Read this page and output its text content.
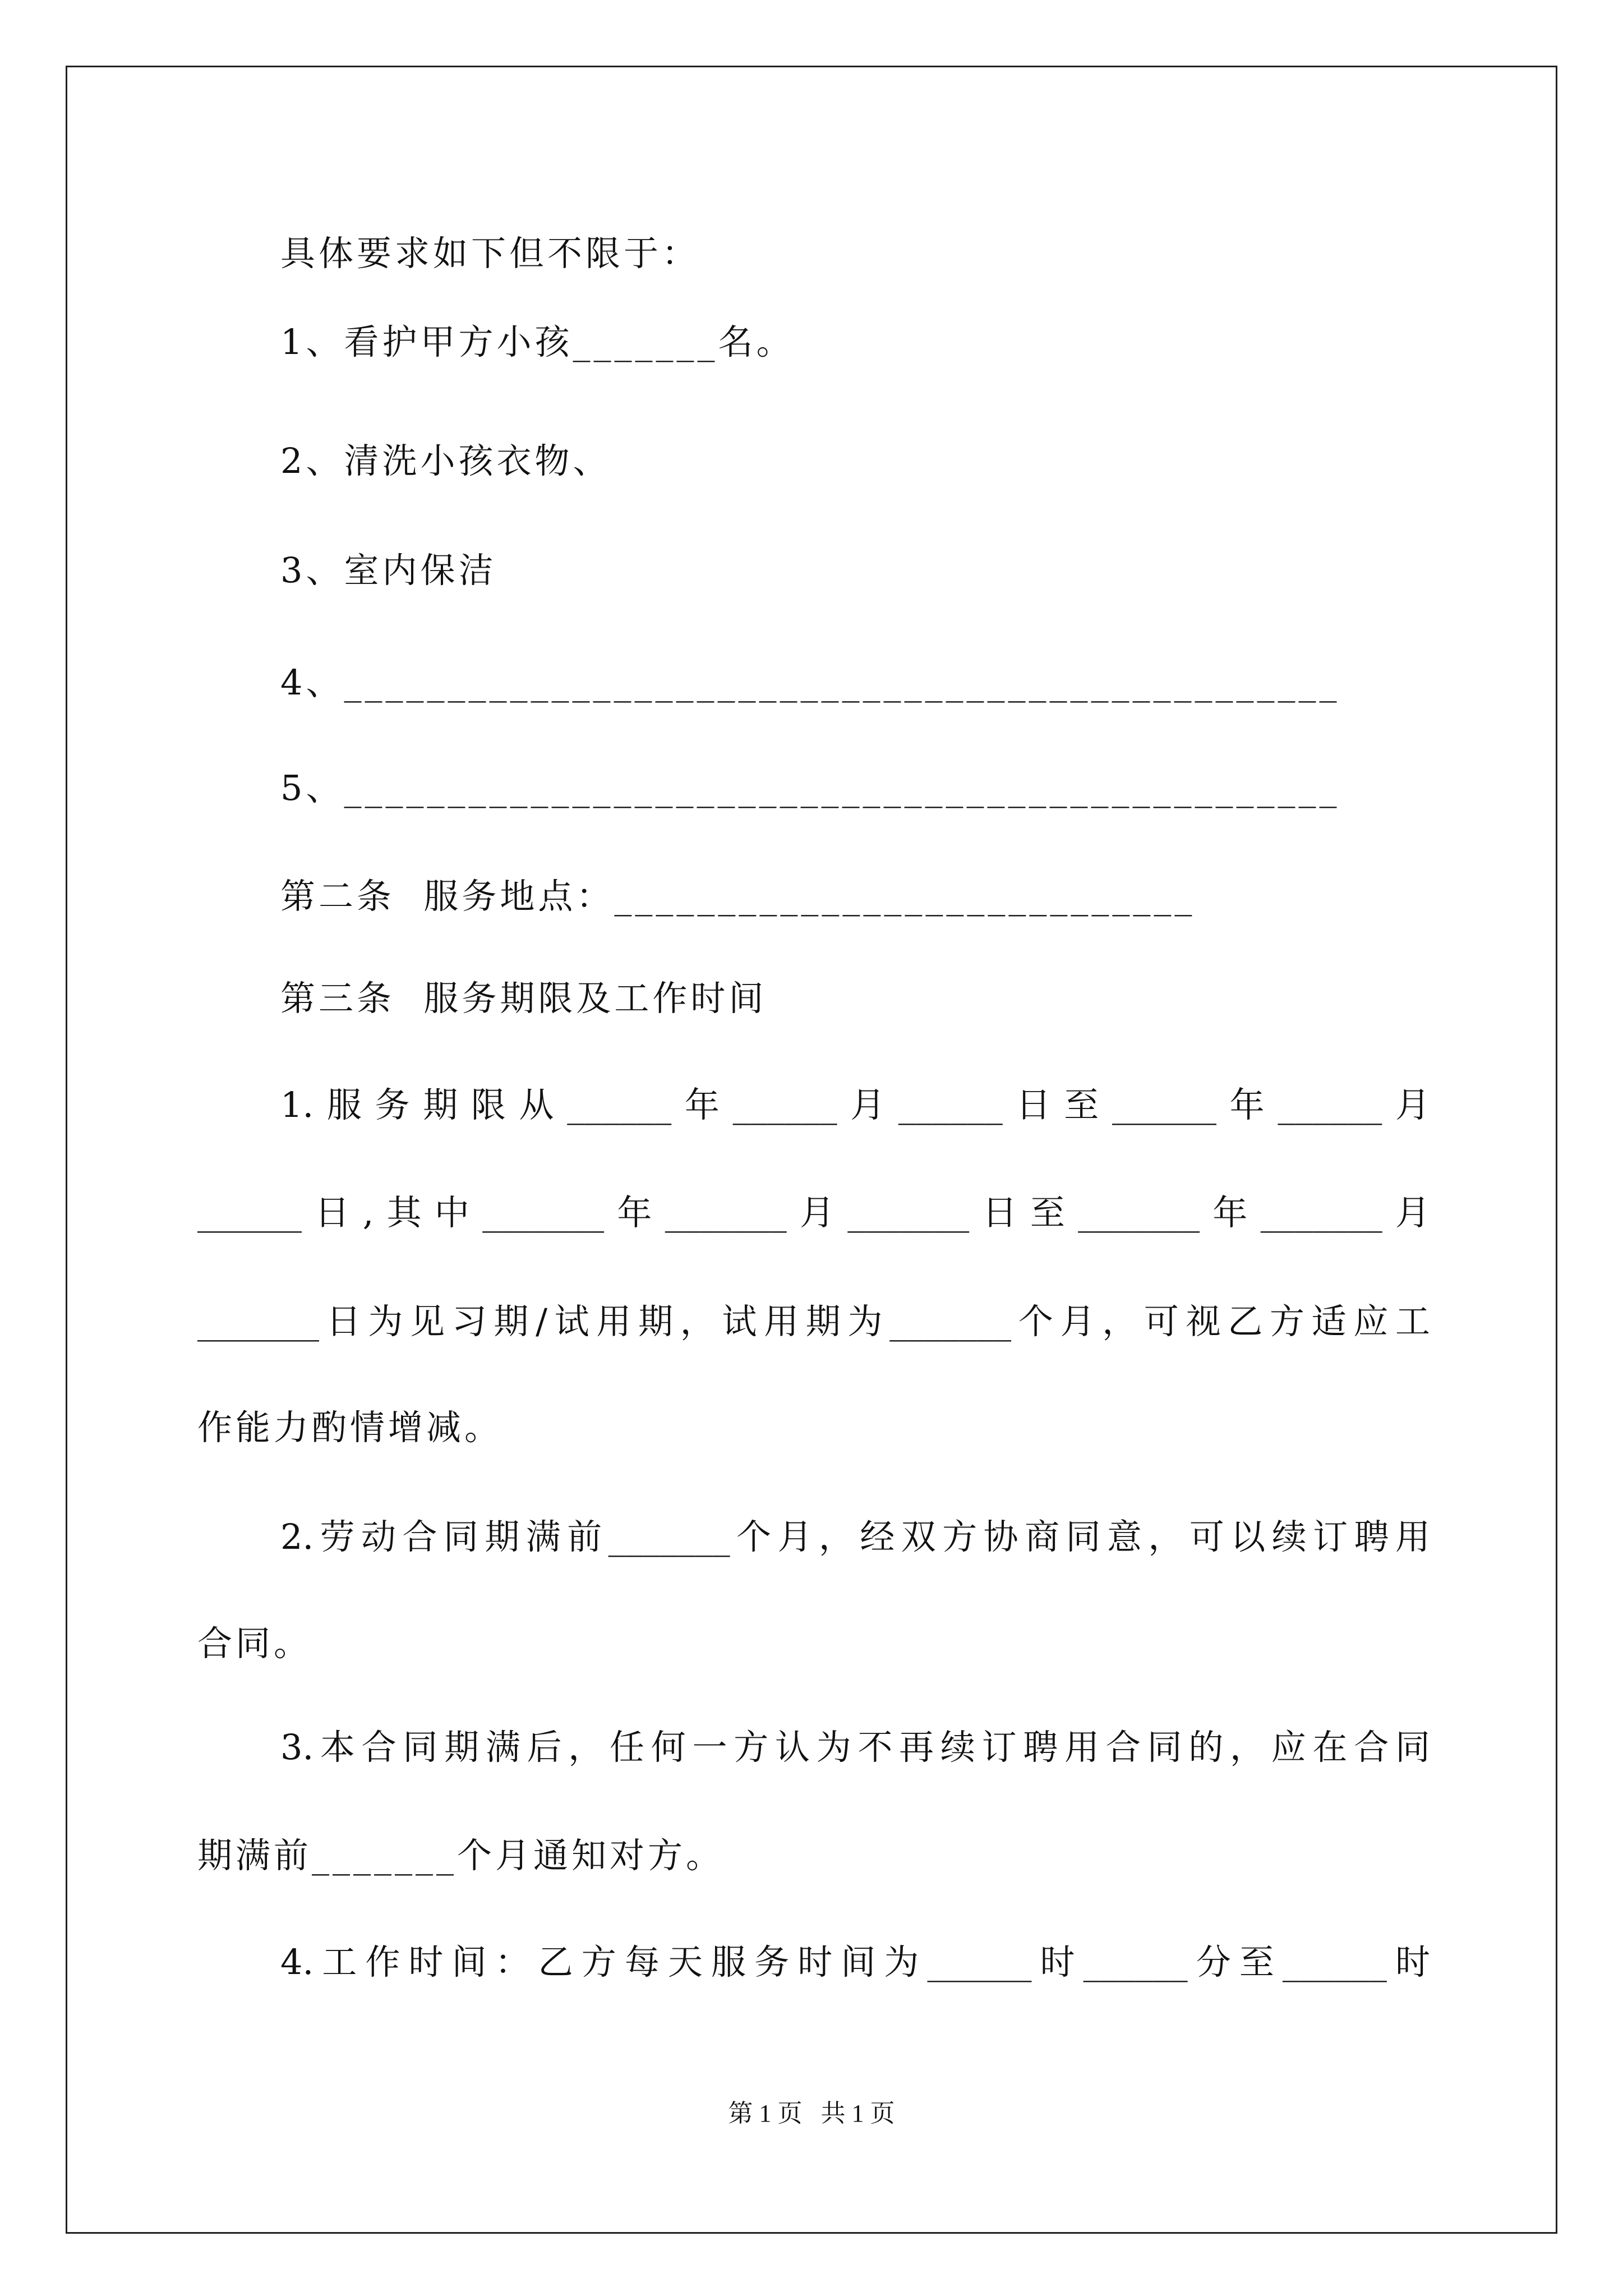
具体要求如下但不限于：
1、看护甲方小孩_______名。
2、清洗小孩衣物、
3、室内保洁
4、________________________________________________
5、________________________________________________
第二条  服务地点：____________________________
第三条  服务期限及工作时间
1.服务期限从______年______月______日至______年______月
______日,其中_______年_______月_______日至_______年_______月
_______日为见习期/试用期，试用期为_______个月，可视乙方适应工
作能力酌情增减。
2.劳动合同期满前_______个月，经双方协商同意，可以续订聘用
合同。
3.本合同期满后，任何一方认为不再续订聘用合同的，应在合同
期满前_______个月通知对方。
4.工作时间：乙方每天服务时间为______时______分至______时
第 1 页   共 1 页
